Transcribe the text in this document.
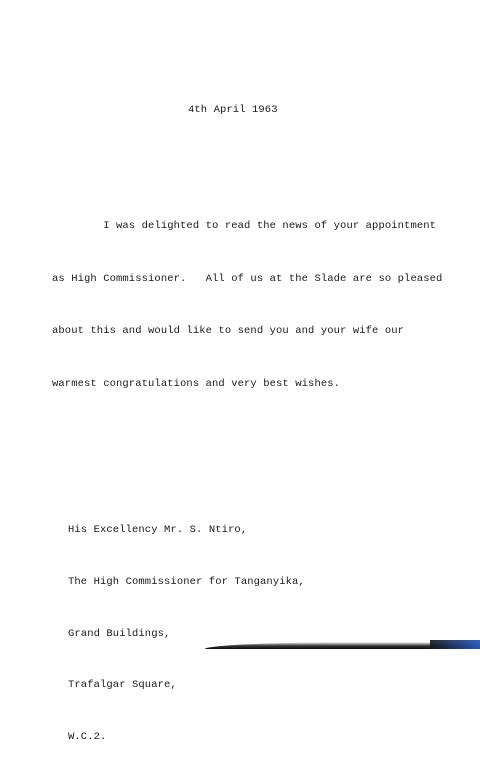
4th April 1963

I was delighted to read the news of your appointment

as High Commissioner.   All of us at the Slade are so pleased

about this and would like to send you and your wife our

warmest congratulations and very best wishes.

His Excellency Mr. S. Ntiro,

The High Commissioner for Tanganyika,

Grand Buildings,

Trafalgar Square,

W.C.2.
